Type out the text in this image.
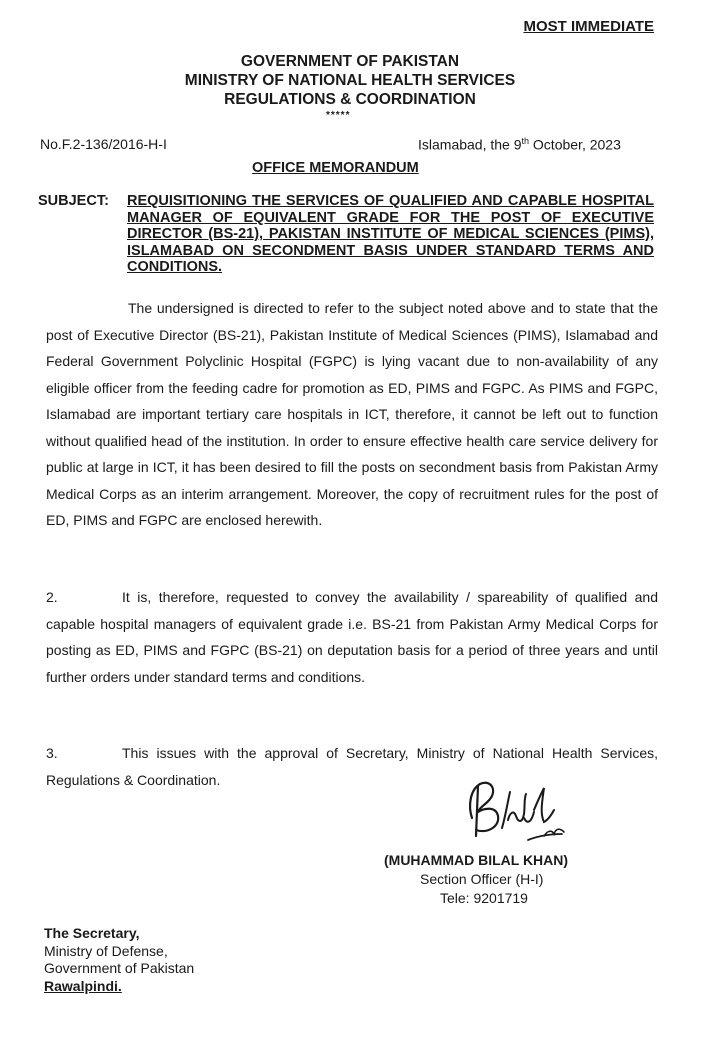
MOST IMMEDIATE
GOVERNMENT OF PAKISTAN
MINISTRY OF NATIONAL HEALTH SERVICES
REGULATIONS & COORDINATION
*****
No.F.2-136/2016-H-I	Islamabad, the 9th October, 2023
OFFICE MEMORANDUM
SUBJECT: REQUISITIONING THE SERVICES OF QUALIFIED AND CAPABLE HOSPITAL MANAGER OF EQUIVALENT GRADE FOR THE POST OF EXECUTIVE DIRECTOR (BS-21), PAKISTAN INSTITUTE OF MEDICAL SCIENCES (PIMS), ISLAMABAD ON SECONDMENT BASIS UNDER STANDARD TERMS AND CONDITIONS.
The undersigned is directed to refer to the subject noted above and to state that the post of Executive Director (BS-21), Pakistan Institute of Medical Sciences (PIMS), Islamabad and Federal Government Polyclinic Hospital (FGPC) is lying vacant due to non-availability of any eligible officer from the feeding cadre for promotion as ED, PIMS and FGPC. As PIMS and FGPC, Islamabad are important tertiary care hospitals in ICT, therefore, it cannot be left out to function without qualified head of the institution. In order to ensure effective health care service delivery for public at large in ICT, it has been desired to fill the posts on secondment basis from Pakistan Army Medical Corps as an interim arrangement. Moreover, the copy of recruitment rules for the post of ED, PIMS and FGPC are enclosed herewith.
2.	It is, therefore, requested to convey the availability / spareability of qualified and capable hospital managers of equivalent grade i.e. BS-21 from Pakistan Army Medical Corps for posting as ED, PIMS and FGPC (BS-21) on deputation basis for a period of three years and until further orders under standard terms and conditions.
3.	This issues with the approval of Secretary, Ministry of National Health Services, Regulations & Coordination.
(MUHAMMAD BILAL KHAN)
Section Officer (H-I)
Tele: 9201719
The Secretary,
Ministry of Defense,
Government of Pakistan
Rawalpindi.
